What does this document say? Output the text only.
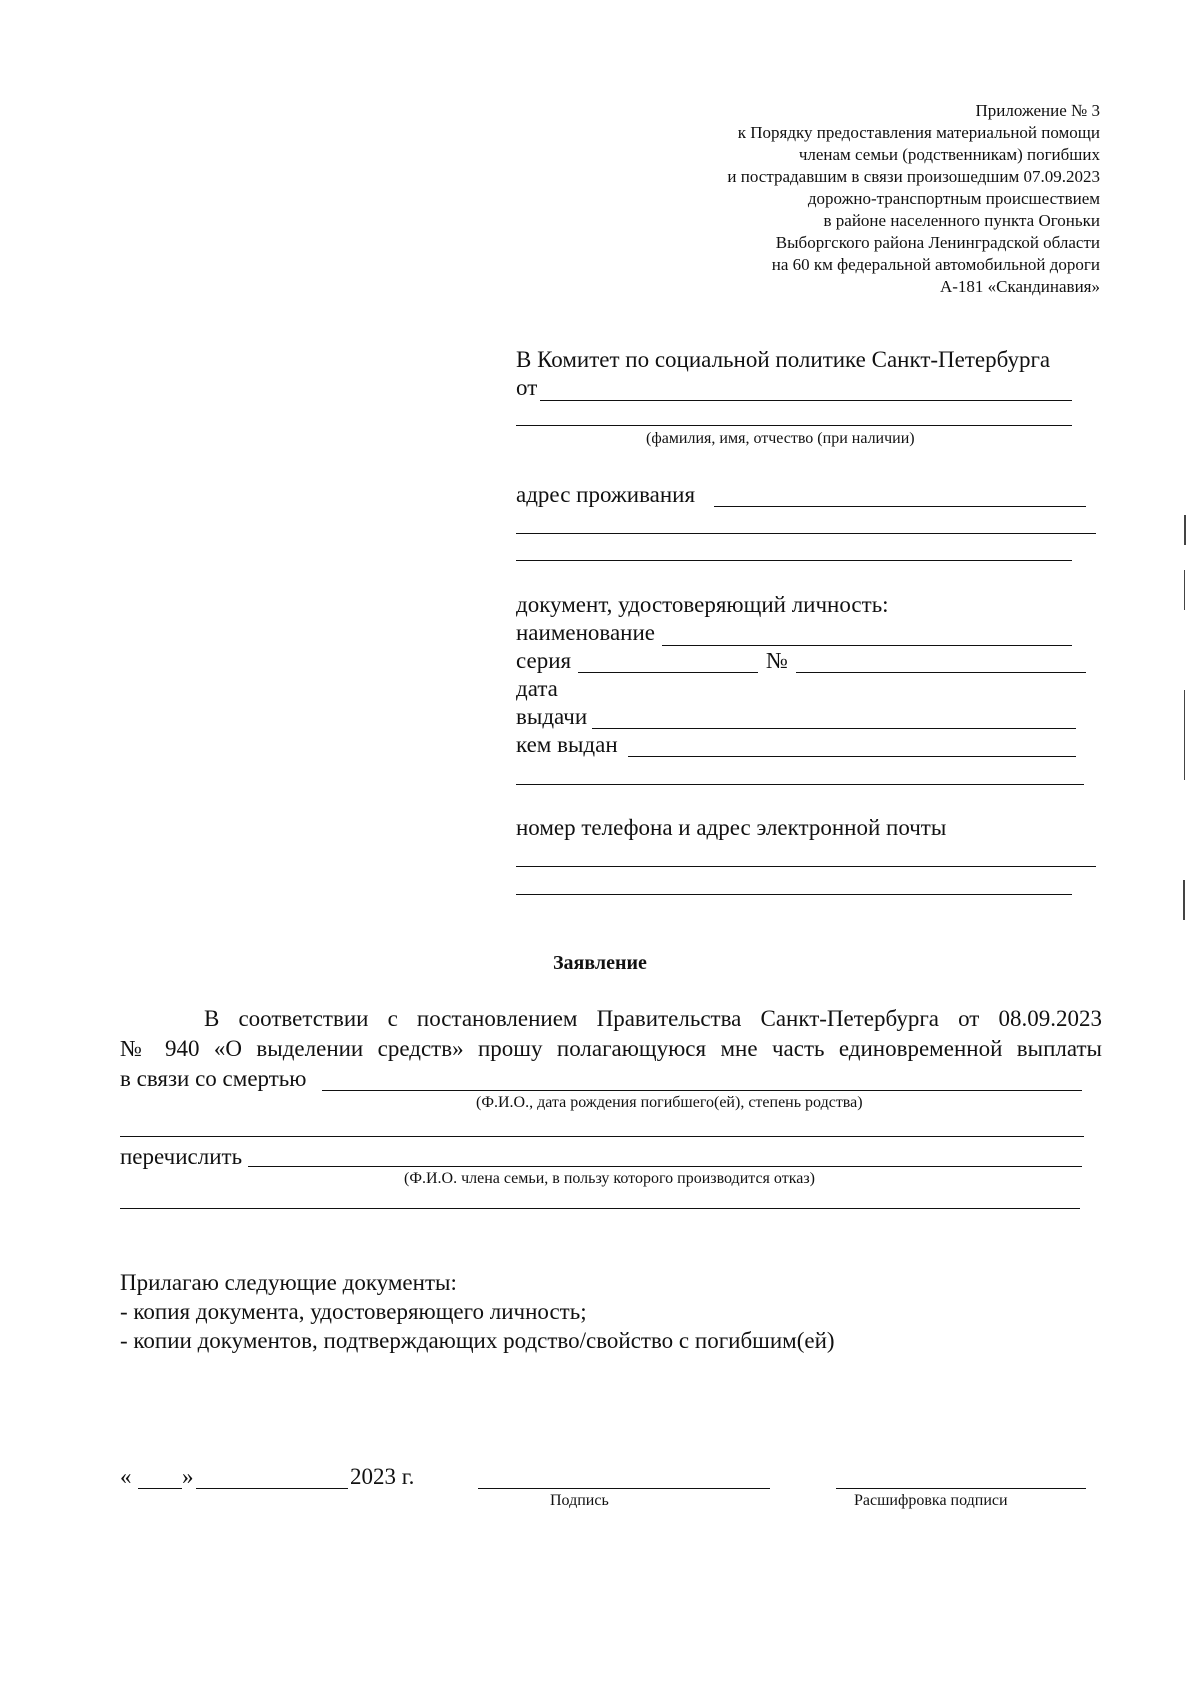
Приложение № 3
к Порядку предоставления материальной помощи
членам семьи (родственникам) погибших
и пострадавшим в связи произошедшим 07.09.2023
дорожно-транспортным происшествием
в районе населенного пункта Огоньки
Выборгского района Ленинградской области
на 60 км федеральной автомобильной дороги
А-181 «Скандинавия»
В Комитет по социальной политике Санкт-Петербурга
от
(фамилия, имя, отчество (при наличии)
адрес проживания
документ, удостоверяющий личность:
наименование
серия	№
дата
выдачи
кем выдан
номер телефона и адрес электронной почты
Заявление
В соответствии с постановлением Правительства Санкт-Петербурга от 08.09.2023
№ 940 «О выделении средств» прошу полагающуюся мне часть единовременной выплаты
в связи со смертью
(Ф.И.О., дата рождения погибшего(ей), степень родства)
перечислить
(Ф.И.О. члена семьи, в пользу которого производится отказ)
Прилагаю следующие документы:
- копия документа, удостоверяющего личность;
- копии документов, подтверждающих родство/свойство с погибшим(ей)
« »	2023 г.
Подпись	Расшифровка подписи
